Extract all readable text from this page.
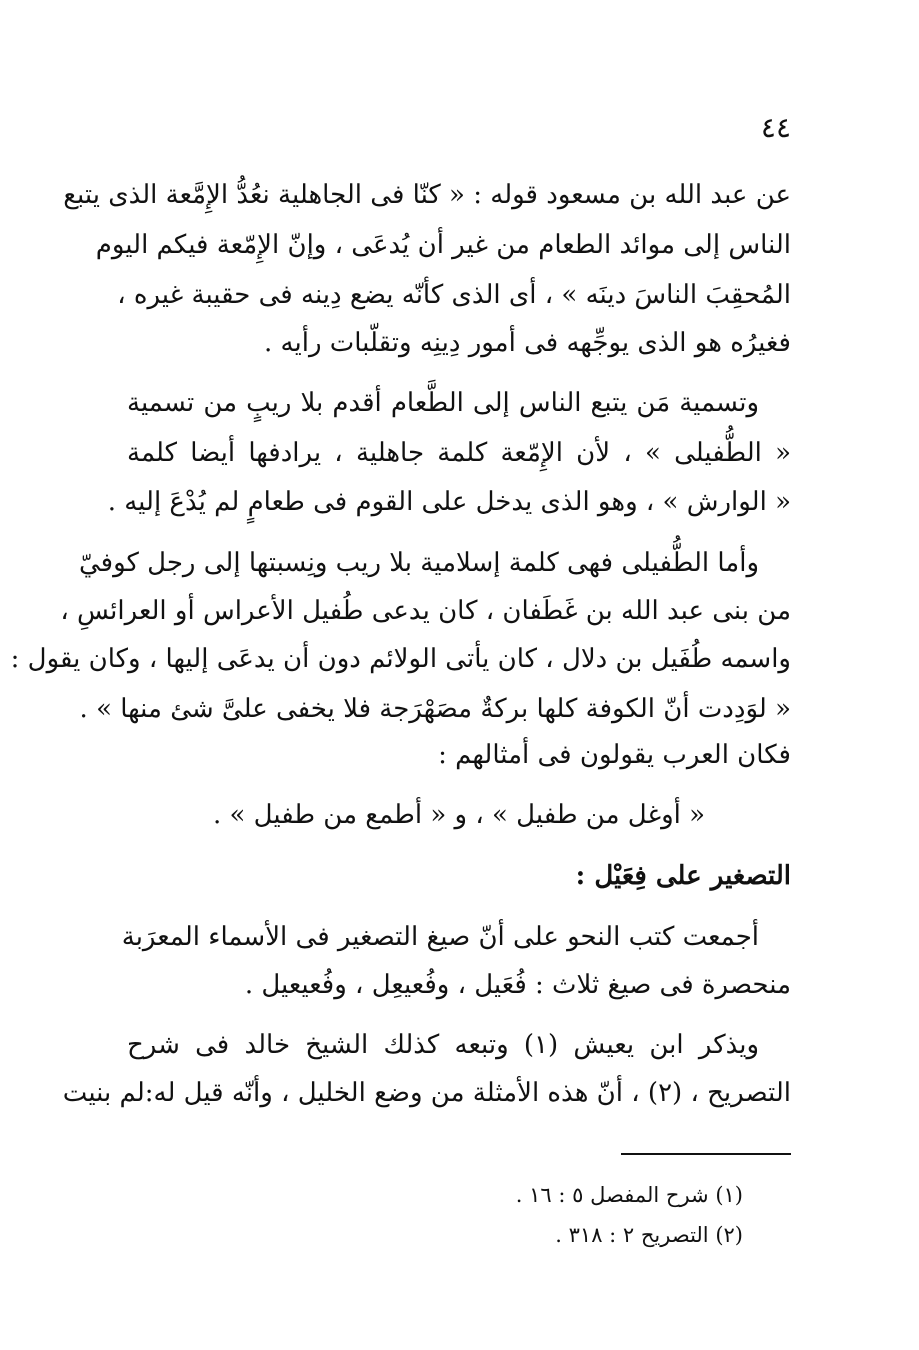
٤٤
عن عبد الله بن مسعود قوله : « كنّا فى الجاهلية نعُدُّ الإِمَّعة الذى يتبع
الناس إلى موائد الطعام من غير أن يُدعَى ، وإنّ الإِمّعة فيكم اليوم
المُحقِبَ الناسَ دينَه » ، أى الذى كأنّه يضع دِينه فى حقيبة غيره ،
فغيرُه هو الذى يوجِّهه فى أمور دِينِه وتقلّبات رأيه .
وتسمية مَن يتبع الناس إلى الطَّعام أقدم بلا ريبٍ من تسمية
« الطُّفيلى » ، لأن الإِمّعة كلمة جاهلية ، يرادفها أيضا كلمة
« الوارش » ، وهو الذى يدخل على القوم فى طعامٍ لم يُدْعَ إليه .
وأما الطُّفيلى فهى كلمة إسلامية بلا ريب ونِسبتها إلى رجل كوفيّ
من بنى عبد الله بن غَطَفان ، كان يدعى طُفيل الأعراس أو العرائسِ ،
واسمه طُفَيل بن دلال ، كان يأتى الولائم دون أن يدعَى إليها ، وكان يقول :
« لوَدِدت أنّ الكوفة كلها بركةٌ مصَهْرَجة فلا يخفى علىَّ شئ منها » .
فكان العرب يقولون فى أمثالهم :
« أوغل من طفيل » ، و « أطمع من طفيل » .
التصغير على فِعَيْل :
أجمعت كتب النحو على أنّ صيغ التصغير فى الأسماء المعرَبة
منحصرة فى صيغ ثلاث : فُعَيل ، وفُعيعِل ، وفُعيعيل .
ويذكر ابن يعيش (١) وتبعه كذلك الشيخ خالد فى شرح
التصريح ، (٢) ، أنّ هذه الأمثلة من وضع الخليل ، وأنّه قيل له:لم بنيت
(١) شرح المفصل ٥ : ١٦ .
(٢) التصريح ٢ : ٣١٨ .
